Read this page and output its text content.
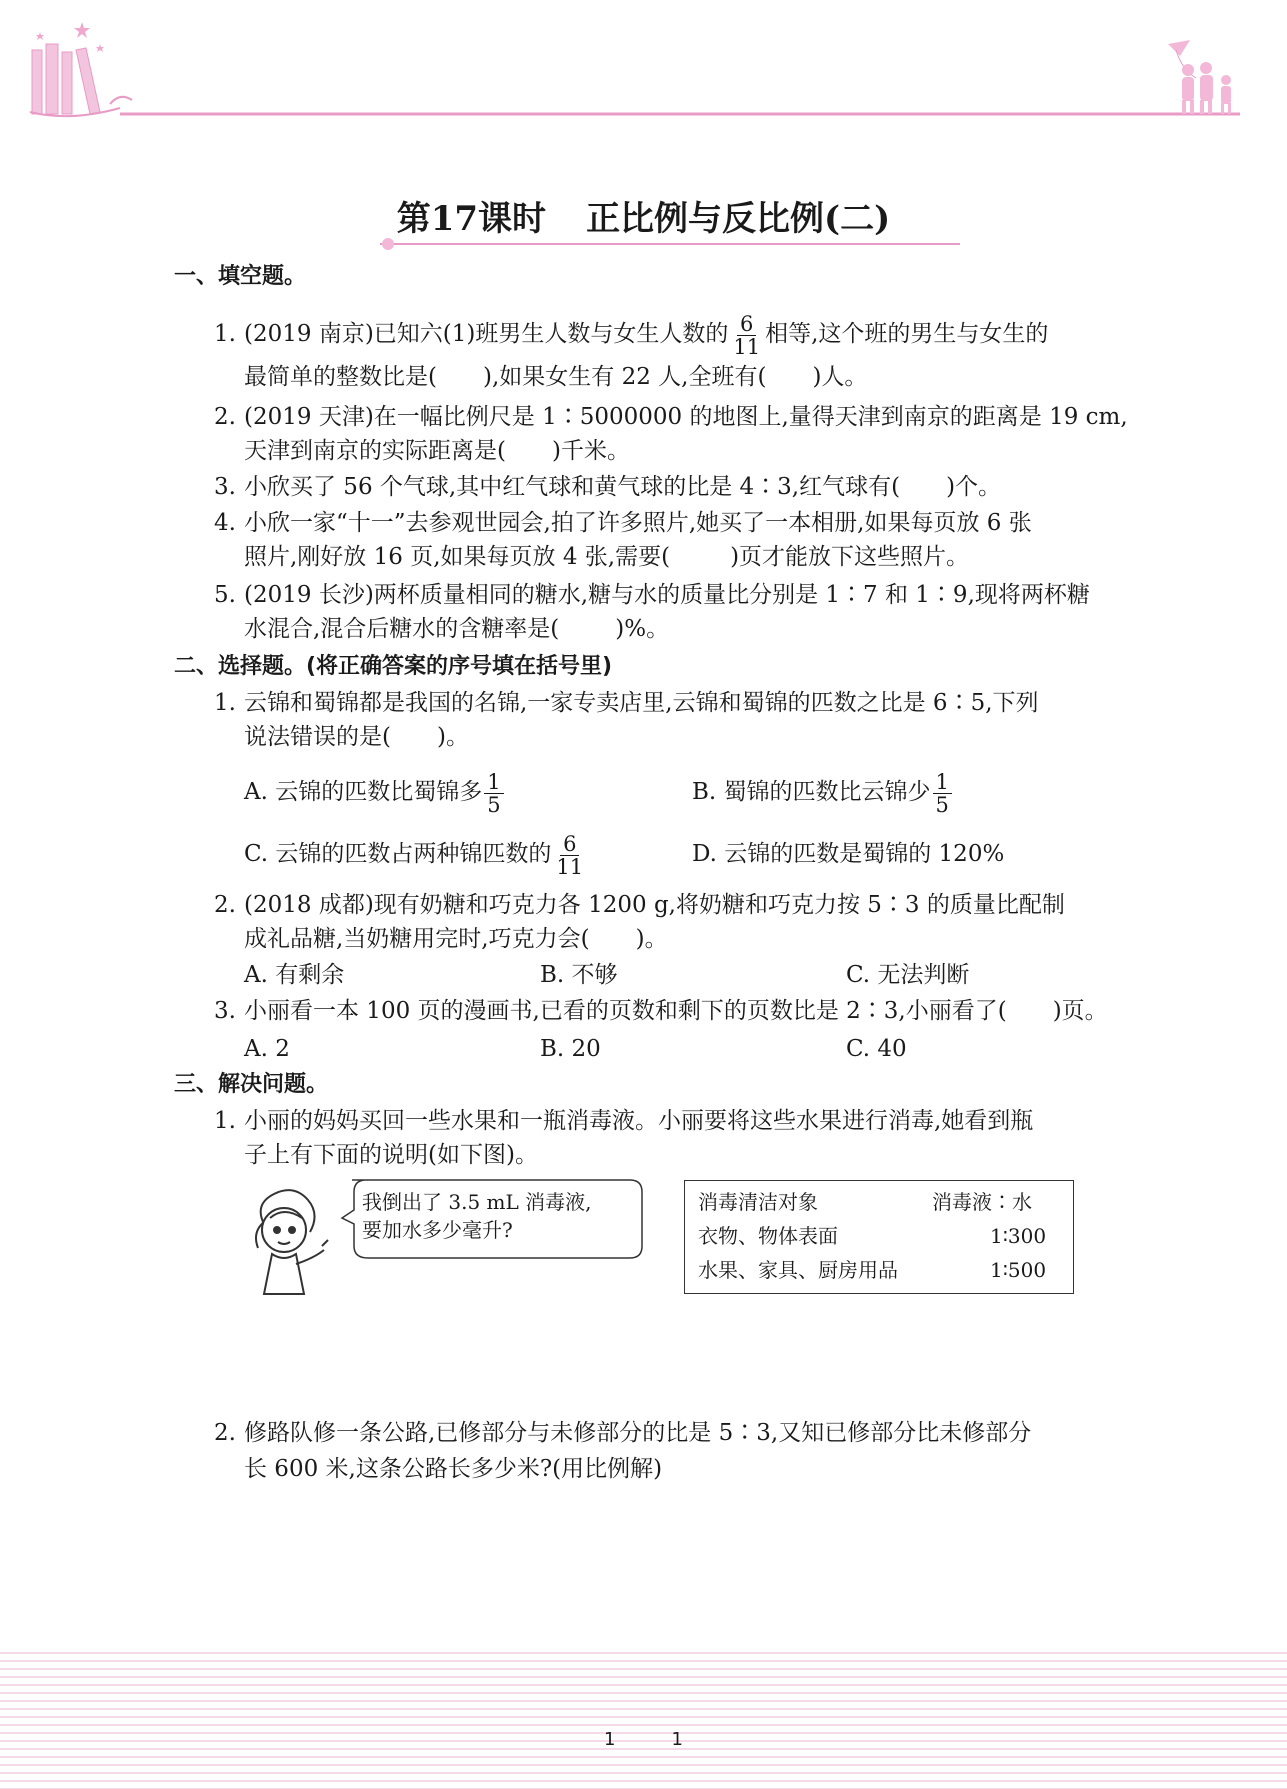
第17课时 正比例与反比例(二)
一、填空题。
1. (2019 南京)已知六(1)班男生人数与女生人数的 $\frac{6}{11}$ 相等,这个班的男生与女生的
最简单的整数比是( ),如果女生有 22 人,全班有( )人。
2. (2019 天津)在一幅比例尺是 1∶5000000 的地图上,量得天津到南京的距离是 19 cm,
天津到南京的实际距离是( )千米。
3. 小欣买了 56 个气球,其中红气球和黄气球的比是 4∶3,红气球有( )个。
4. 小欣一家“十一”去参观世园会,拍了许多照片,她买了一本相册,如果每页放 6 张
照片,刚好放 16 页,如果每页放 4 张,需要(	)页才能放下这些照片。
5. (2019 长沙)两杯质量相同的糖水,糖与水的质量比分别是 1∶7 和 1∶9,现将两杯糖
水混合,混合后糖水的含糖率是( )%。
二、选择题。(将正确答案的序号填在括号里)
1. 云锦和蜀锦都是我国的名锦,一家专卖店里,云锦和蜀锦的匹数之比是 6∶5,下列
说法错误的是( )。
A. 云锦的匹数比蜀锦多 $\frac{1}{5}$	B. 蜀锦的匹数比云锦少 $\frac{1}{5}$
C. 云锦的匹数占两种锦匹数的 $\frac{6}{11}$	D. 云锦的匹数是蜀锦的 120%
2. (2018 成都)现有奶糖和巧克力各 1200 g,将奶糖和巧克力按 5∶3 的质量比配制
成礼品糖,当奶糖用完时,巧克力会( )。
A. 有剩余	B. 不够	C. 无法判断
3. 小丽看一本 100 页的漫画书,已看的页数和剩下的页数比是 2∶3,小丽看了( )页。
A. 2	B. 20	C. 40
三、解决问题。
1. 小丽的妈妈买回一些水果和一瓶消毒液。小丽要将这些水果进行消毒,她看到瓶
子上有下面的说明(如下图)。
我倒出了 3.5 mL 消毒液,
要加水多少毫升?
消毒清洁对象	消毒液∶水
衣物、物体表面	1∶300
水果、家具、厨房用品	1∶500
2. 修路队修一条公路,已修部分与未修部分的比是 5∶3,又知已修部分比未修部分
长 600 米,这条公路长多少米?(用比例解)
1	1
